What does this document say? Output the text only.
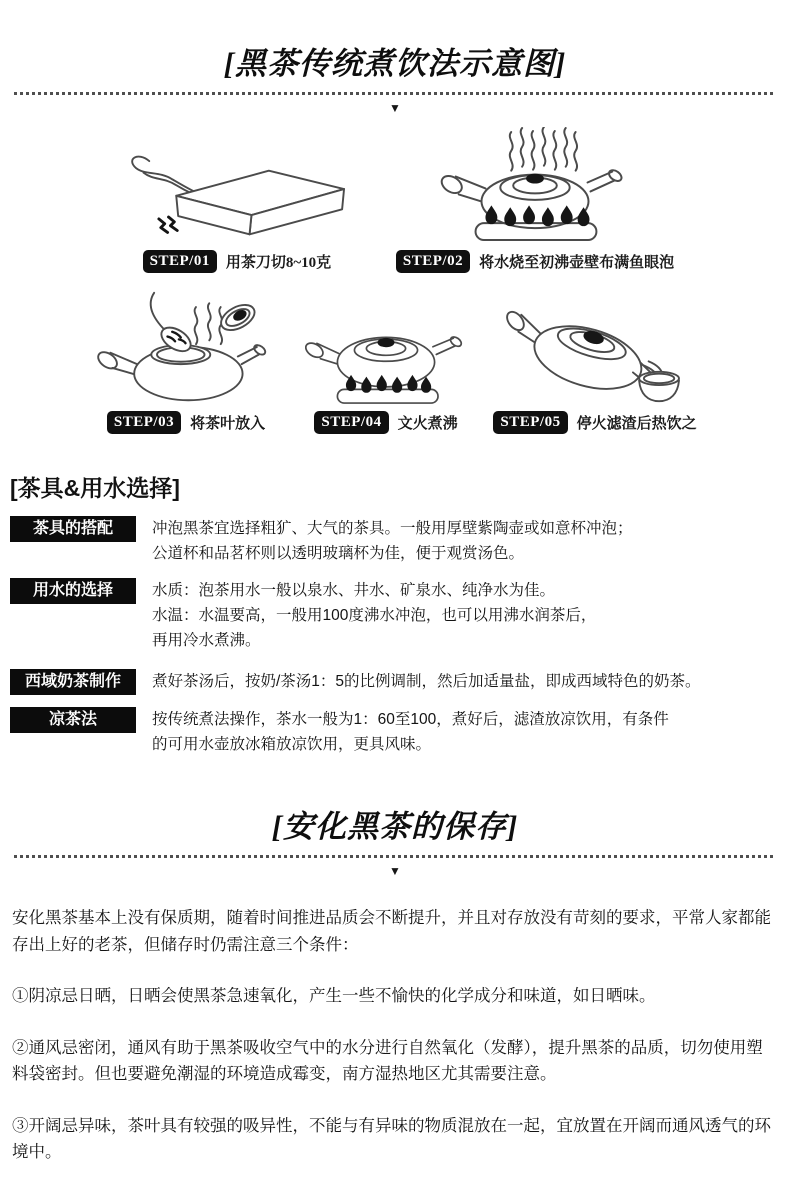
[黑茶传统煮饮法示意图]
▼
STEP/01	用茶刀切8~10克	STEP/02	将水烧至初沸壶壁布满鱼眼泡
STEP/03	将茶叶放入	STEP/04	文火煮沸	STEP/05	停火滤渣后热饮之
[茶具&用水选择]
茶具的搭配	冲泡黑茶宜选择粗犷、大气的茶具。一般用厚壁紫陶壶或如意杯冲泡；

公道杯和品茗杯则以透明玻璃杯为佳，便于观赏汤色。

用水的选择	水质：泡茶用水一般以泉水、井水、矿泉水、纯净水为佳。

水温：水温要高，一般用100度沸水冲泡，也可以用沸水润茶后，

再用冷水煮沸。

西域奶茶制作	煮好茶汤后，按奶/茶汤1：5的比例调制，然后加适量盐，即成西域特色的奶茶。

凉茶法	按传统煮法操作，茶水一般为1：60至100，煮好后，滤渣放凉饮用，有条件

的可用水壶放冰箱放凉饮用，更具风味。

[安化黑茶的保存]
▼

安化黑茶基本上没有保质期，随着时间推进品质会不断提升，并且对存放没有苛刻的要求，平常人家都能存出上好的老茶，但储存时仍需注意三个条件：

①阴凉忌日晒，日晒会使黑茶急速氧化，产生一些不愉快的化学成分和味道，如日晒味。

②通风忌密闭，通风有助于黑茶吸收空气中的水分进行自然氧化（发酵），提升黑茶的品质，切勿使用塑料袋密封。但也要避免潮湿的环境造成霉变，南方湿热地区尤其需要注意。

③开阔忌异味，茶叶具有较强的吸异性，不能与有异味的物质混放在一起，宜放置在开阔而通风透气的环境中。
